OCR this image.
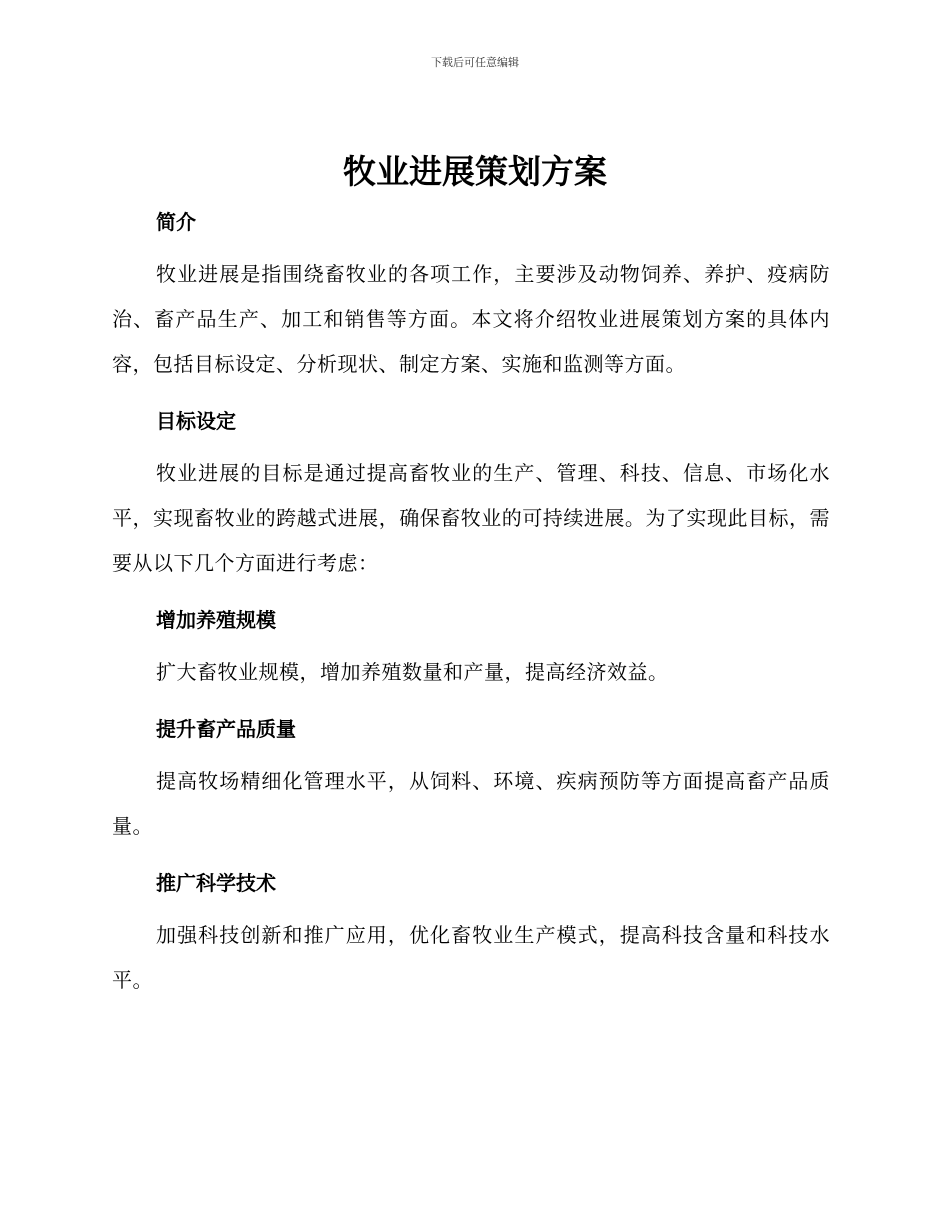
下载后可任意编辑
牧业进展策划方案

简介

牧业进展是指围绕畜牧业的各项工作，主要涉及动物饲养、养护、疫病防治、畜产品生产、加工和销售等方面。本文将介绍牧业进展策划方案的具体内容，包括目标设定、分析现状、制定方案、实施和监测等方面。

目标设定

牧业进展的目标是通过提高畜牧业的生产、管理、科技、信息、市场化水平，实现畜牧业的跨越式进展，确保畜牧业的可持续进展。为了实现此目标，需要从以下几个方面进行考虑：

增加养殖规模

扩大畜牧业规模，增加养殖数量和产量，提高经济效益。

提升畜产品质量

提高牧场精细化管理水平，从饲料、环境、疾病预防等方面提高畜产品质量。

推广科学技术

加强科技创新和推广应用，优化畜牧业生产模式，提高科技含量和科技水平。
